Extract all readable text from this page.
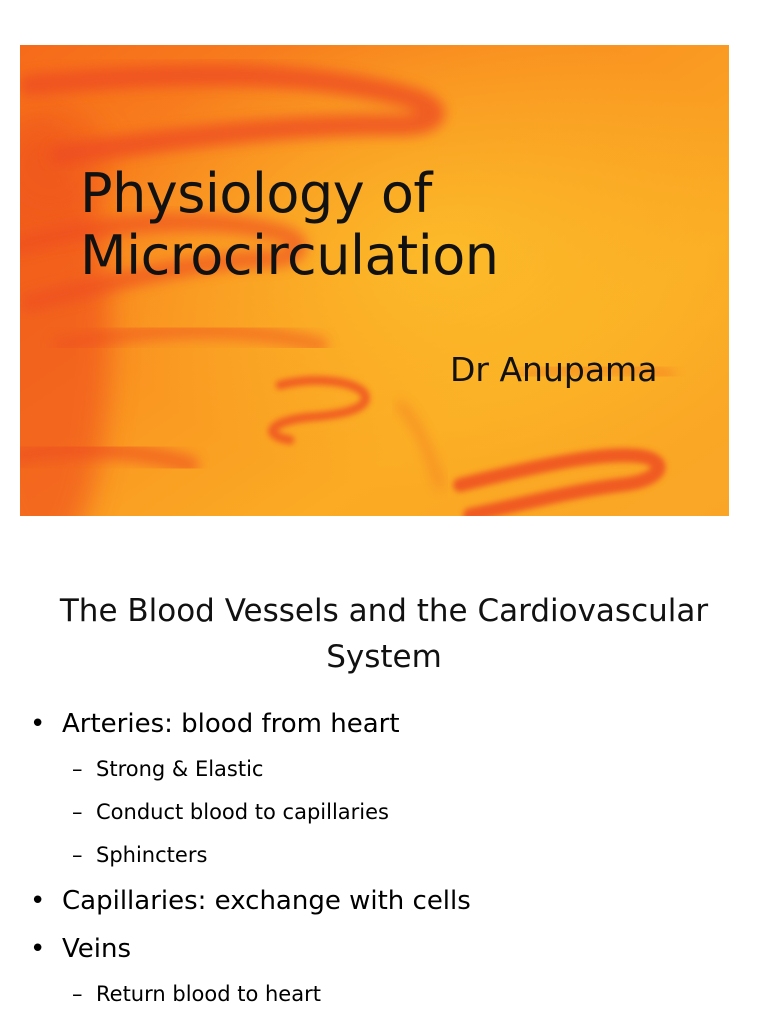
Physiology of
Microcirculation
Dr Anupama
The Blood Vessels and the Cardiovascular
System
• Arteries: blood from heart
– Strong & Elastic
– Conduct blood to capillaries
– Sphincters
• Capillaries: exchange with cells
• Veins
– Return blood to heart
